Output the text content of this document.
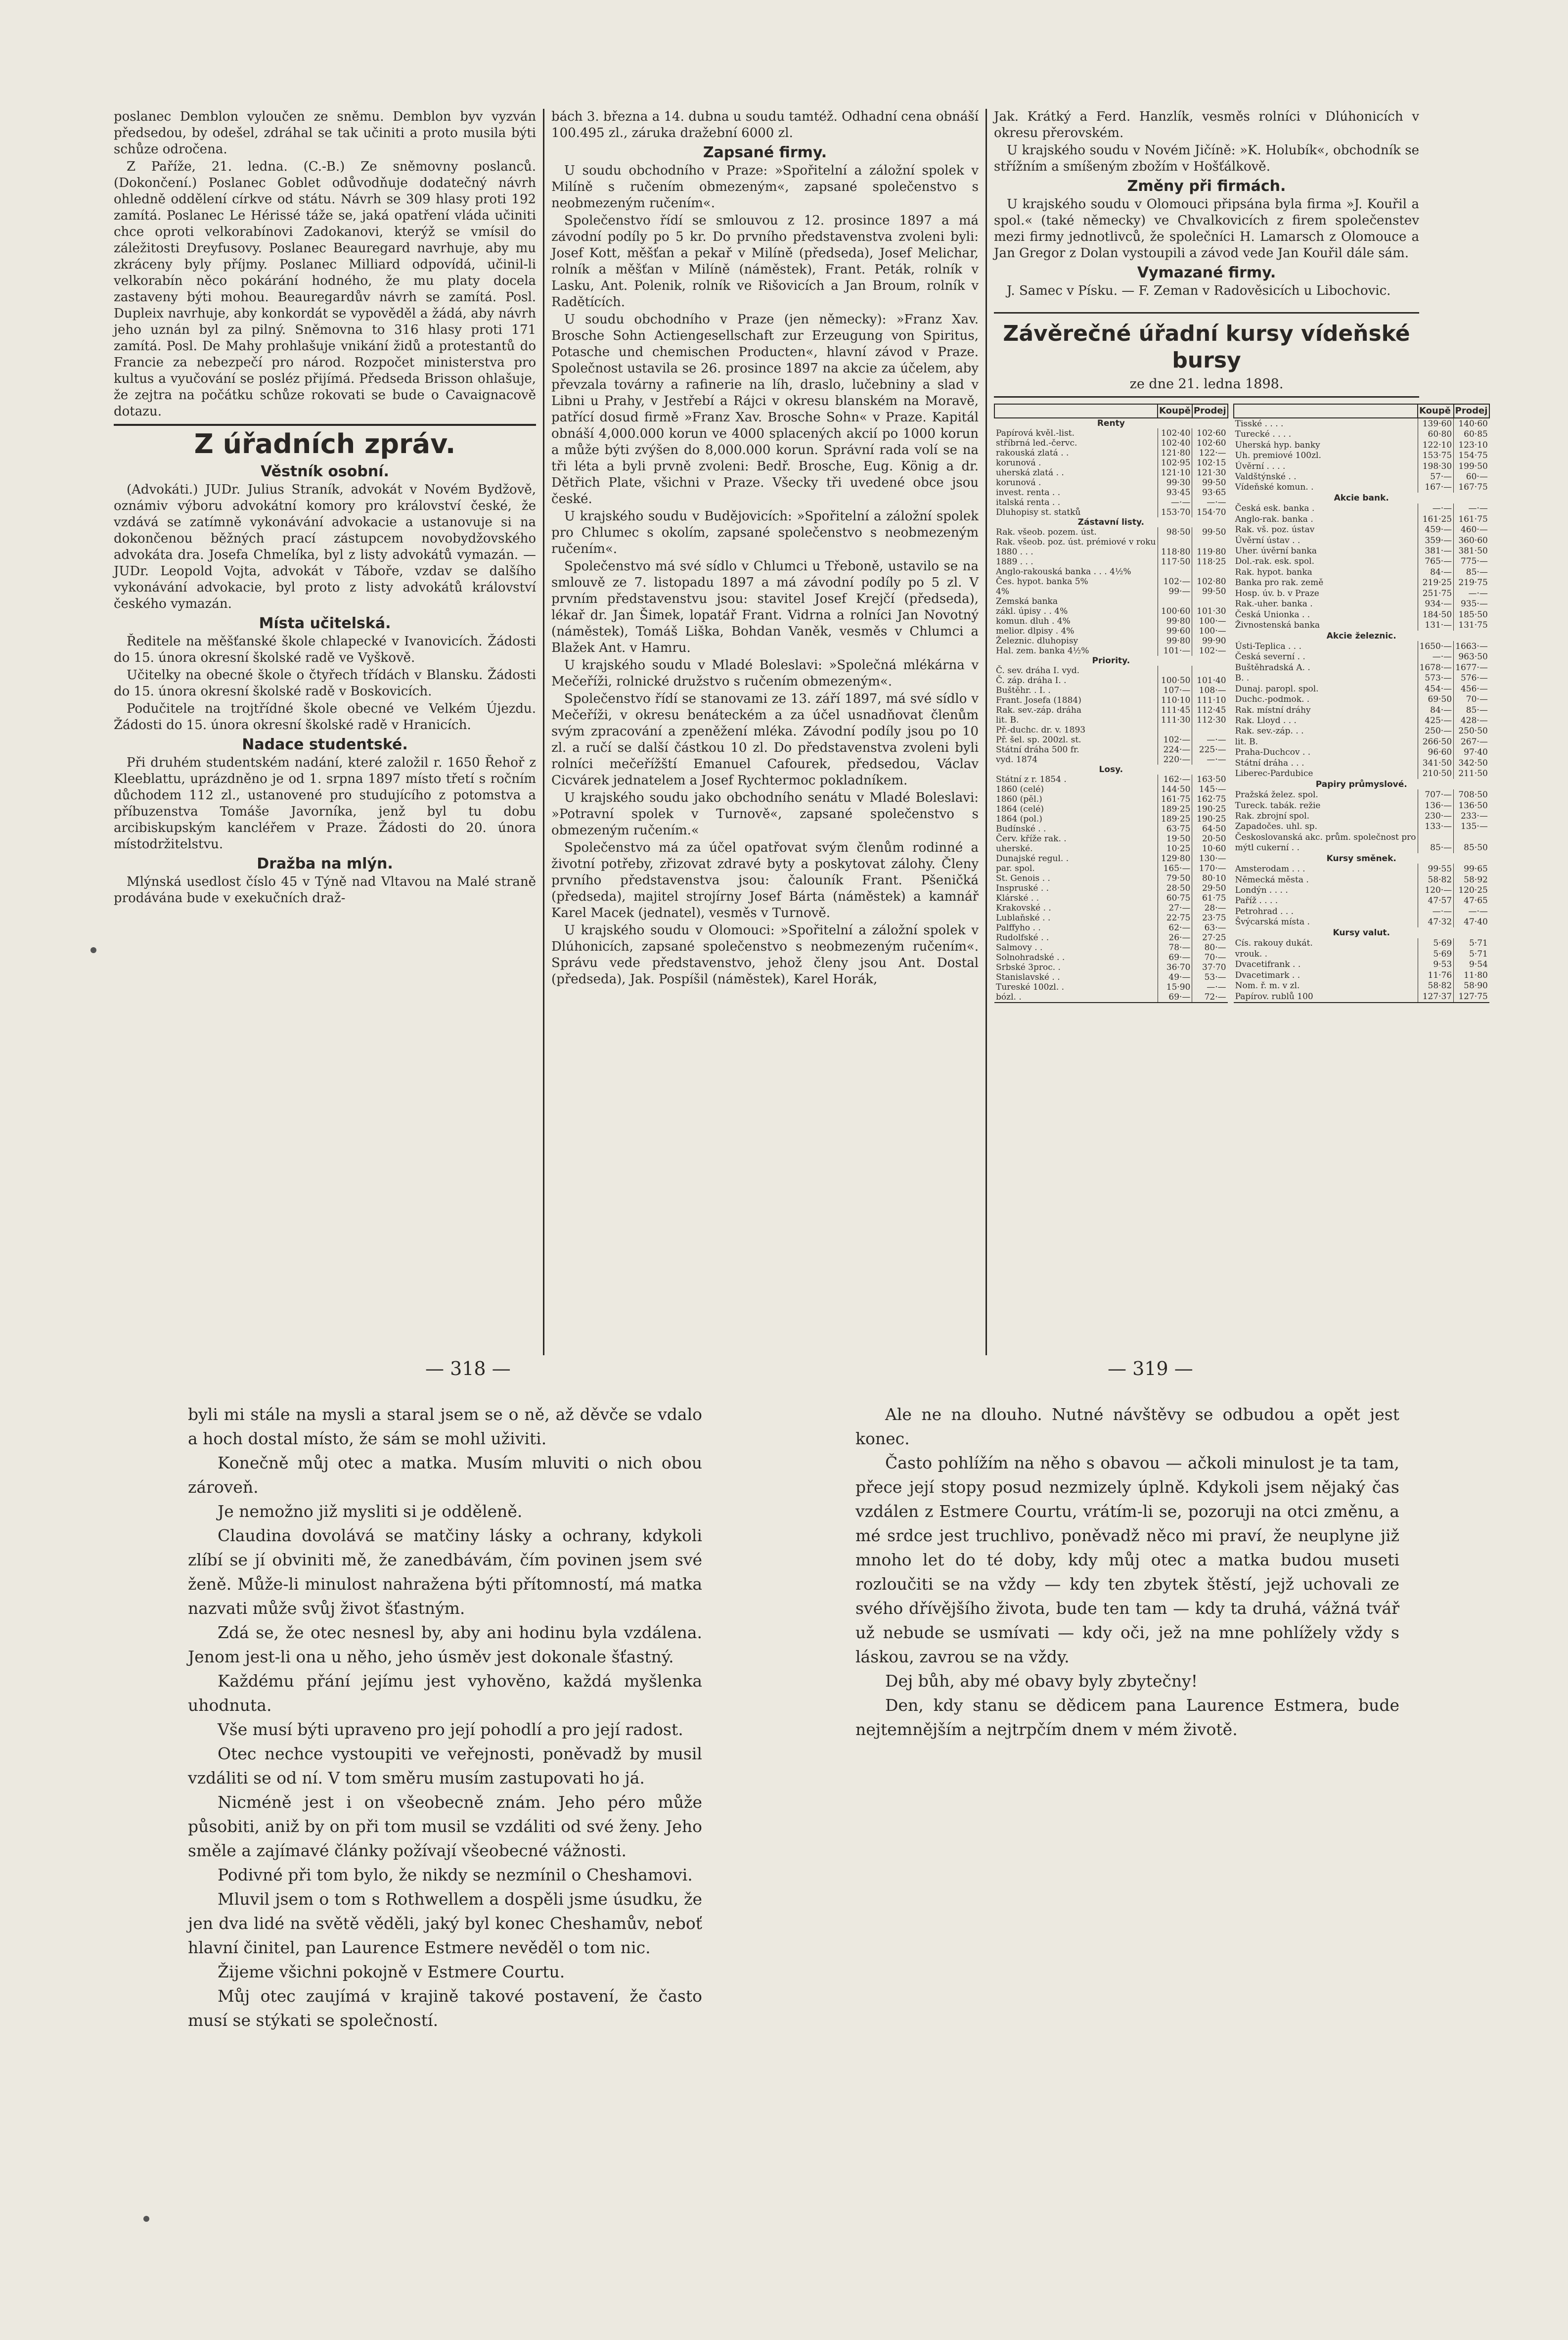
poslanec Demblon vyloučen ze sněmu. Demblon byv vyzván předsedou, by odešel, zdráhal se tak učiniti a proto musila býti schůze odročena.

Z Paříže, 21. ledna. (C.-B.) Ze sněmovny poslanců. (Dokončení.) Poslanec Goblet odůvodňuje dodatečný návrh ohledně oddělení církve od státu. Návrh se 309 hlasy proti 192 zamítá. Poslanec Le Hérissé táže se, jaká opatření vláda učiniti chce oproti velkorabínovi Zadokanovi, kterýž se vmísil do záležitosti Dreyfusovy. Poslanec Beauregard navrhuje, aby mu zkráceny byly příjmy. Poslanec Milliard odpovídá, učinil-li velkorabín něco pokárání hodného, že mu platy docela zastaveny býti mohou. Beauregardův návrh se zamítá. Posl. Dupleix navrhuje, aby konkordát se vypověděl a žádá, aby návrh jeho uznán byl za pilný. Sněmovna to 316 hlasy proti 171 zamítá. Posl. De Mahy prohlašuje vnikání židů a protestantů do Francie za nebezpečí pro národ. Rozpočet ministerstva pro kultus a vyučování se posléz přijímá. Předseda Brisson ohlašuje, že zejtra na počátku schůze rokovati se bude o Cavaignacově dotazu.

Z úřadních zpráv.
Věstník osobní.

(Advokáti.) JUDr. Julius Straník, advokát v Novém Bydžově, oznámiv výboru advokátní komory pro království české, že vzdává se zatímně vykonávání advokacie a ustanovuje si na dokončenou běžných prací zástupcem novobydžovského advokáta dra. Josefa Chmelíka, byl z listy advokátů vymazán. — JUDr. Leopold Vojta, advokát v Táboře, vzdav se dalšího vykonávání advokacie, byl proto z listy advokátů království českého vymazán.

Místa učitelská.

Ředitele na měšťanské škole chlapecké v Ivanovicích. Žádosti do 15. února okresní školské radě ve Vyškově.

Učitelky na obecné škole o čtyřech třídách v Blansku. Žádosti do 15. února okresní školské radě v Boskovicích.

Podučitele na trojtřídné škole obecné ve Velkém Újezdu. Žádosti do 15. února okresní školské radě v Hranicích.

Nadace studentské.

Při druhém studentském nadání, které založil r. 1650 Řehoř z Kleeblattu, uprázdněno je od 1. srpna 1897 místo třetí s ročním důchodem 112 zl., ustanovené pro studujícího z potomstva a příbuzenstva Tomáše Javorníka, jenž byl tu dobu arcibiskupským kancléřem v Praze. Žádosti do 20. února místodržitelstvu.

Dražba na mlýn.

Mlýnská usedlost číslo 45 v Týně nad Vltavou na Malé straně prodávána bude v exekučních draž-

bách 3. března a 14. dubna u soudu tamtéž. Odhadní cena obnáší 100.495 zl., záruka dražební 6000 zl.

Zapsané firmy.

U soudu obchodního v Praze: »Spořitelní a záložní spolek v Milíně s ručením obmezeným«, zapsané společenstvo s neobmezeným ručením«.

Společenstvo řídí se smlouvou z 12. prosince 1897 a má závodní podíly po 5 kr. Do prvního představenstva zvoleni byli: Josef Kott, měšťan a pekař v Milíně (předseda), Josef Melichar, rolník a měšťan v Milíně (náměstek), Frant. Peták, rolník v Lasku, Ant. Polenik, rolník ve Rišovicích a Jan Broum, rolník v Radětících.

U soudu obchodního v Praze (jen německy): »Franz Xav. Brosche Sohn Actiengesellschaft zur Erzeugung von Spiritus, Potasche und chemischen Producten«, hlavní závod v Praze. Společnost ustavila se 26. prosince 1897 na akcie za účelem, aby převzala továrny a rafinerie na líh, draslo, lučebniny a slad v Libni u Prahy, v Jestřebí a Rájci v okresu blanském na Moravě, patřící dosud firmě »Franz Xav. Brosche Sohn« v Praze. Kapitál obnáší 4,000.000 korun ve 4000 splacených akcií po 1000 korun a může býti zvýšen do 8,000.000 korun. Správní rada volí se na tři léta a byli prvně zvoleni: Bedř. Brosche, Eug. König a dr. Dětřich Plate, všichni v Praze. Všecky tři uvedené obce jsou české.

U krajského soudu v Budějovicích: »Spořitelní a záložní spolek pro Chlumec s okolím, zapsané společenstvo s neobmezeným ručením«.

Společenstvo má své sídlo v Chlumci u Třeboně, ustavilo se na smlouvě ze 7. listopadu 1897 a má závodní podíly po 5 zl. V prvním představenstvu jsou: stavitel Josef Krejčí (předseda), lékař dr. Jan Šimek, lopatář Frant. Vidrna a rolníci Jan Novotný (náměstek), Tomáš Liška, Bohdan Vaněk, vesměs v Chlumci a Blažek Ant. v Hamru.

U krajského soudu v Mladé Boleslavi: »Společná mlékárna v Mečeříži, rolnické družstvo s ručením obmezeným«.

Společenstvo řídí se stanovami ze 13. září 1897, má své sídlo v Mečeříži, v okresu benáteckém a za účel usnadňovat členům svým zpracování a zpeněžení mléka. Závodní podíly jsou po 10 zl. a ručí se další částkou 10 zl. Do představenstva zvoleni byli rolníci mečeřížští Emanuel Cafourek, předsedou, Václav Cicvárek jednatelem a Josef Rychtermoc pokladníkem.

U krajského soudu jako obchodního senátu v Mladé Boleslavi: »Potravní spolek v Turnově«, zapsané společenstvo s obmezeným ručením.«

Společenstvo má za účel opatřovat svým členům rodinné a životní potřeby, zřizovat zdravé byty a poskytovat zálohy. Členy prvního představenstva jsou: čalouník Frant. Pšeničká (předseda), majitel strojírny Josef Bárta (náměstek) a kamnář Karel Macek (jednatel), vesměs v Turnově.

U krajského soudu v Olomouci: »Spořitelní a záložní spolek v Dlúhonicích, zapsané společenstvo s neobmezeným ručením«. Správu vede představenstvo, jehož členy jsou Ant. Dostal (předseda), Jak. Pospíšil (náměstek), Karel Horák,

Jak. Krátký a Ferd. Hanzlík, vesměs rolníci v Dlúhonicích v okresu přerovském.

U krajského soudu v Novém Jičíně: »K. Holubík«, obchodník se střížním a smíšeným zbožím v Hošťálkově.

Změny při firmách.

U krajského soudu v Olomouci připsána byla firma »J. Kouřil a spol.« (také německy) ve Chvalkovicích z firem společenstev mezi firmy jednotlivců, že společníci H. Lamarsch z Olomouce a Jan Gregor z Dolan vystoupili a závod vede Jan Kouřil dále sám.

Vymazané firmy.

J. Samec v Písku. — F. Zeman v Radověsicích u Libochovic.

Závěrečné úřadní kursy vídeňské bursy
ze dne 21. ledna 1898.
	Koupě	Prodej
Renty		
Papírová kvěl.-list.	102·40	102·60
stříbrná led.-červc.	102·40	102·60
rakouská zlatá . .	121·80	122·—
korunová .	102·95	102·15
uherská zlatá . .	121·10	121·30
korunová .	99·30	99·50
invest. renta . .	93·45	93·65
italská renta . .	—·—	—·—
Dluhopisy st. statků	153·70	154·70
Zástavní listy.		
Rak. všeob. pozem. úst.	98·50	99·50
Rak. všeob. poz. úst. prémiové v roku		
1880 . . .	118·80	119·80
1889 . . .	117·50	118·25
Anglo-rakouská banka . . . 4½%		
Čes. hypot. banka 5%	102·—	102·80
4%	99·—	99·50
Zemská banka		
zákl. úpisy . . 4%	100·60	101·30
komun. dluh . 4%	99·80	100·—
melior. dlpisy . 4%	99·60	100·—
Železnic. dluhopisy	99·80	99·90
Hal. zem. banka 4½%	101·—	102·—
Priority.		
Č. sev. dráha I. vyd.		
Č. záp. dráha I. .	100·50	101·40
Buštěhr. . I. .	107·—	108·—
Frant. Josefa (1884)	110·10	111·10
Rak. sev.-záp. dráha	111·45	112·45
lit. B.	111·30	112·30
Př.-duchc. dr. v. 1893		
Př. šel. sp. 200zl. st.	102·—	—·—
Státní dráha 500 fr.	224·—	225·—
vyd. 1874	220·—	—·—
Losy.		
Státní z r. 1854 .	162·—	163·50
1860 (celé)	144·50	145·—
1860 (pěl.)	161·75	162·75
1864 (celé)	189·25	190·25
1864 (pol.)	189·25	190·25
Budínské . .	63·75	64·50
Červ. kříže rak. .	19·50	20·50
uherské.	10·25	10·60
Dunajské regul. .	129·80	130·—
par. spol.	165·—	170·—
St. Genois . .	79·50	80·10
Inspruské . .	28·50	29·50
Klárské . .	60·75	61·75
Krakovské . .	27·—	28·—
Lublaňské . .	22·75	23·75
Palffyho . .	62·—	63·—
Rudolfské . .	26·—	27·25
Salmovy . .	78·—	80·—
Solnohradské . .	69·—	70·—
Srbské 3proc. .	36·70	37·70
Stanislavské . .	49·—	53·—
Tureské 100zl. .	15·90	—·—
bózl. .	69·—	72·—
	Koupě	Prodej
Tisské . . . .	139·60	140·60
Turecké . . . .	60·80	60·85
Uherská hyp. banky	122·10	123·10
Uh. premiové 100zl.	153·75	154·75
Úvěrní . . . .	198·30	199·50
Valdštýnské . .	57·—	60·—
Vídeňské komun. .	167·—	167·75
Akcie bank.		
Česká esk. banka .	—·—	—·—
Anglo-rak. banka .	161·25	161·75
Rak. vš. poz. ústav	459·—	460·—
Úvěrní ústav . .	359·—	360·60
Uher. úvěrní banka	381·—	381·50
Dol.-rak. esk. spol.	765·—	775·—
Rak. hypot. banka	84·—	85·—
Banka pro rak. země	219·25	219·75
Hosp. úv. b. v Praze	251·75	—·—
Rak.-uher. banka .	934·—	935·—
Česká Unionka . .	184·50	185·50
Živnostenská banka	131·—	131·75
Akcie železnic.		
Ústi-Teplica . . .	1650·—	1663·—
Česká severní . .	—·—	963·50
Buštěhradská A. .	1678·—	1677·—
B. .	573·—	576·—
Dunaj. paropl. spol.	454·—	456·—
Duchc.-podmok. .	69·50	70·—
Rak. místní dráhy	84·—	85·—
Rak. Lloyd . . .	425·—	428·—
Rak. sev.-záp. . .	250·—	250·50
lit. B.	266·50	267·—
Praha-Duchcov . .	96·60	97·40
Státní dráha . . .	341·50	342·50
Liberec-Pardubice	210·50	211·50
Papiry průmyslové.		
Pražská želez. spol.	707·—	708·50
Tureck. tabák. režie	136·—	136·50
Rak. zbrojní spol.	230·—	233·—
Zapadočes. uhl. sp.	133·—	135·—
Českoslovanská akc. prům. společnost pro		
mýtl cukerní . .	85·—	85·50
Kursy směnek.		
Amsterodam . . .	99·55	99·65
Německá města .	58·82	58·92
Londýn . . . .	120·—	120·25
Paříž . . . .	47·57	47·65
Petrohrad . . .	—·—	—·—
Švýcarská místa .	47·32	47·40
Kursy valut.		
Cís. rakouy dukát.	5·69	5·71
vrouk. .	5·69	5·71
Dvacetifrank . .	9·53	9·54
Dvacetimark . .	11·76	11·80
Nom. ř. m. v zl.	58·82	58·90
Papírov. rublů 100	127·37	127·75
— 318 —	— 319 —

byli mi stále na mysli a staral jsem se o ně, až děvče se vdalo a hoch dostal místo, že sám se mohl uživiti.

Konečně můj otec a matka. Musím mluviti o nich obou zároveň.

Je nemožno již mysliti si je odděleně.

Claudina dovolává se matčiny lásky a ochrany, kdykoli zlíbí se jí obviniti mě, že zanedbávám, čím povinen jsem své ženě. Může-li minulost nahražena býti přítomností, má matka nazvati může svůj život šťastným.

Zdá se, že otec nesnesl by, aby ani hodinu byla vzdálena. Jenom jest-li ona u něho, jeho úsměv jest dokonale šťastný.

Každému přání jejímu jest vyhověno, každá myšlenka uhodnuta.

Vše musí býti upraveno pro její pohodlí a pro její radost.

Otec nechce vystoupiti ve veřejnosti, poněvadž by musil vzdáliti se od ní. V tom směru musím zastupovati ho já.

Nicméně jest i on všeobecně znám. Jeho péro může působiti, aniž by on při tom musil se vzdáliti od své ženy. Jeho směle a zajímavé články požívají všeobecné vážnosti.

Podivné při tom bylo, že nikdy se nezmínil o Cheshamovi.

Mluvil jsem o tom s Rothwellem a dospěli jsme úsudku, že jen dva lidé na světě věděli, jaký byl konec Cheshamův, neboť hlavní činitel, pan Laurence Estmere nevěděl o tom nic.

Žijeme všichni pokojně v Estmere Courtu.

Můj otec zaujímá v krajině takové postavení, že často musí se stýkati se společností.

Ale ne na dlouho. Nutné návštěvy se odbudou a opět jest konec.

Často pohlížím na něho s obavou — ačkoli minulost je ta tam, přece její stopy posud nezmizely úplně. Kdykoli jsem nějaký čas vzdálen z Estmere Courtu, vrátím-li se, pozoruji na otci změnu, a mé srdce jest truchlivo, poněvadž něco mi praví, že neuplyne již mnoho let do té doby, kdy můj otec a matka budou museti rozloučiti se na vždy — kdy ten zbytek štěstí, jejž uchovali ze svého dřívějšího života, bude ten tam — kdy ta druhá, vážná tvář už nebude se usmívati — kdy oči, jež na mne pohlížely vždy s láskou, zavrou se na vždy.

Dej bůh, aby mé obavy byly zbytečny!

Den, kdy stanu se dědicem pana Laurence Estmera, bude nejtemnějším a nejtrpčím dnem v mém životě.
